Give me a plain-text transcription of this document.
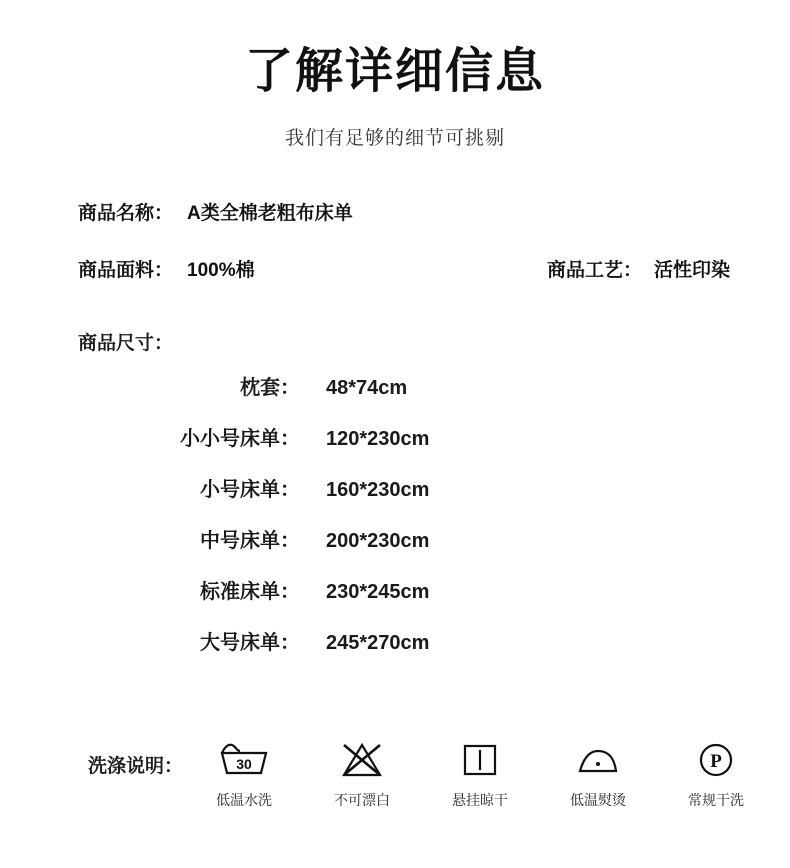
了解详细信息
我们有足够的细节可挑剔
商品名称： A类全棉老粗布床单
商品面料： 100%棉	商品工艺： 活性印染
商品尺寸：
枕套： 48*74cm
小小号床单： 120*230cm
小号床单： 160*230cm
中号床单： 200*230cm
标准床单： 230*245cm
大号床单： 245*270cm
洗涤说明：	30
低温水洗	不可漂白	悬挂晾干	低温熨烫
P
常规干洗
